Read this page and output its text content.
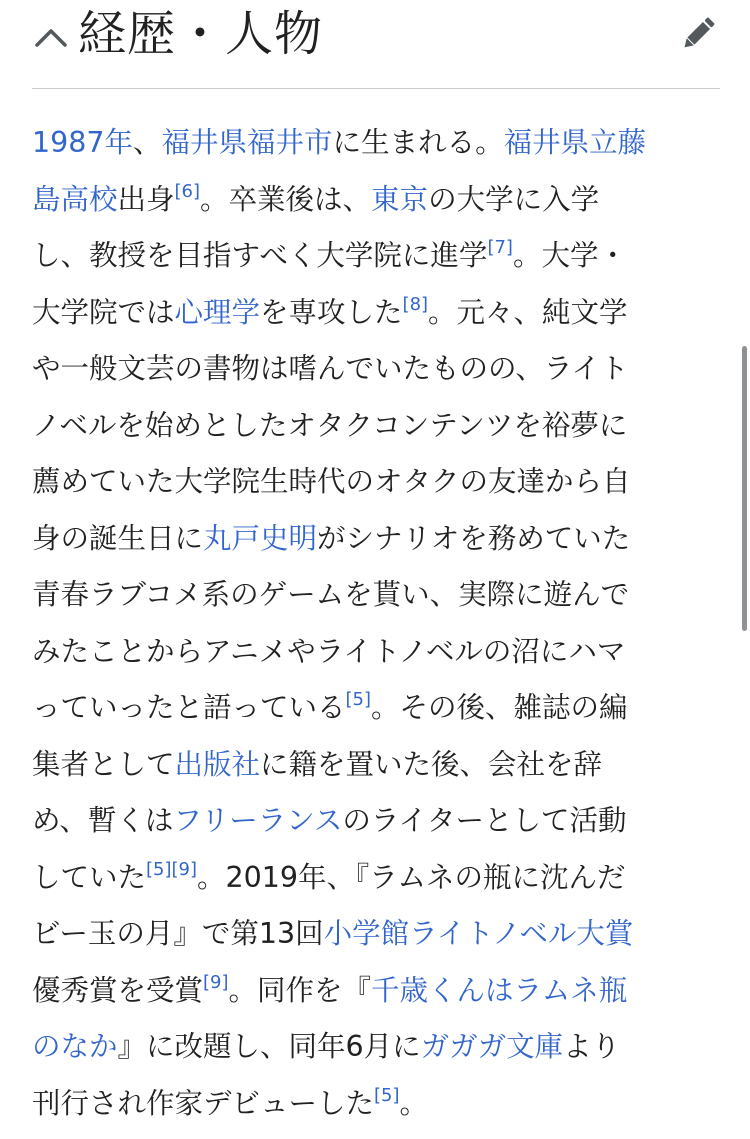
経歴・人物
1987年、福井県福井市に生まれる。福井県立藤
島高校出身[6]。卒業後は、東京の大学に入学
し、教授を目指すべく大学院に進学[7]。大学・
大学院では心理学を専攻した[8]。元々、純文学
や一般文芸の書物は嗜んでいたものの、ライト
ノベルを始めとしたオタクコンテンツを裕夢に
薦めていた大学院生時代のオタクの友達から自
身の誕生日に丸戸史明がシナリオを務めていた
青春ラブコメ系のゲームを貰い、実際に遊んで
みたことからアニメやライトノベルの沼にハマ
っていったと語っている[5]。その後、雑誌の編
集者として出版社に籍を置いた後、会社を辞
め、暫くはフリーランスのライターとして活動
していた[5][9]。2019年、『ラムネの瓶に沈んだ
ビー玉の月』で第13回小学館ライトノベル大賞
優秀賞を受賞[9]。同作を『千歳くんはラムネ瓶
のなか』に改題し、同年6月にガガガ文庫より
刊行され作家デビューした[5]。
